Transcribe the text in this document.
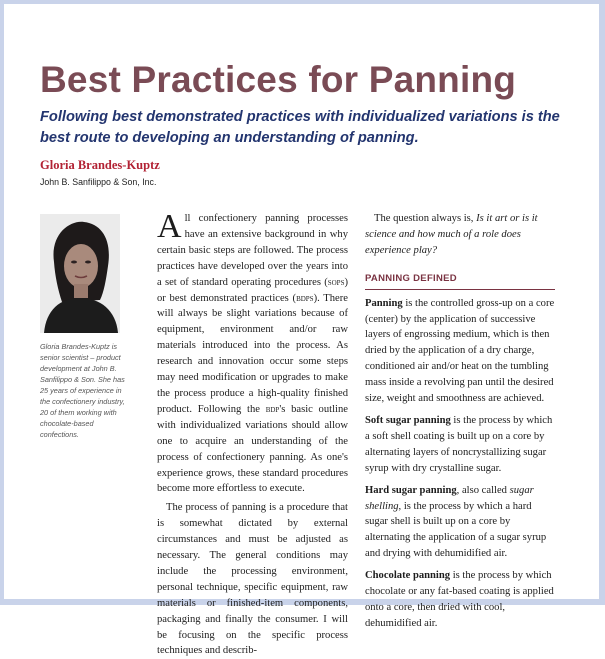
Best Practices for Panning

Following best demonstrated practices with individualized variations is the best route to developing an understanding of panning.

Gloria Brandes-Kuptz
John B. Sanfilippo & Son, Inc.

Gloria Brandes-Kuptz is senior scientist – product development at John B. Sanfilippo & Son. She has 25 years of experience in the confectionery industry, 20 of them working with chocolate-based confections.

All confectionery panning processes have an extensive background in why certain basic steps are followed. The process practices have developed over the years into a set of standard operating procedures (sops) or best demonstrated practices (bdps). There will always be slight variations because of equipment, environment and/or raw materials introduced into the process. As research and innovation occur some steps may need modification or upgrades to make the process produce a high-quality finished product. Following the bdp's basic outline with individualized variations should allow one to acquire an understanding of the process of confectionery panning. As one's experience grows, these standard procedures become more effortless to execute.

The process of panning is a procedure that is somewhat dictated by external circumstances and must be adjusted as necessary. The general conditions may include the processing environment, personal technique, specific equipment, raw materials or finished-item components, packaging and finally the consumer. I will be focusing on the specific process techniques and describ-

The question always is, Is it art or is it science and how much of a role does experience play?

PANNING DEFINED

Panning is the controlled gross-up on a core (center) by the application of successive layers of engrossing medium, which is then dried by the application of a dry charge, conditioned air and/or heat on the tumbling mass inside a revolving pan until the desired size, weight and smoothness are achieved.

Soft sugar panning is the process by which a soft shell coating is built up on a core by alternating layers of noncrystallizing sugar syrup with dry crystalline sugar.

Hard sugar panning, also called sugar shelling, is the process by which a hard sugar shell is built up on a core by alternating the application of a sugar syrup and drying with dehumidified air.

Chocolate panning is the process by which chocolate or any fat-based coating is applied onto a core, then dried with cool, dehumidified air.
